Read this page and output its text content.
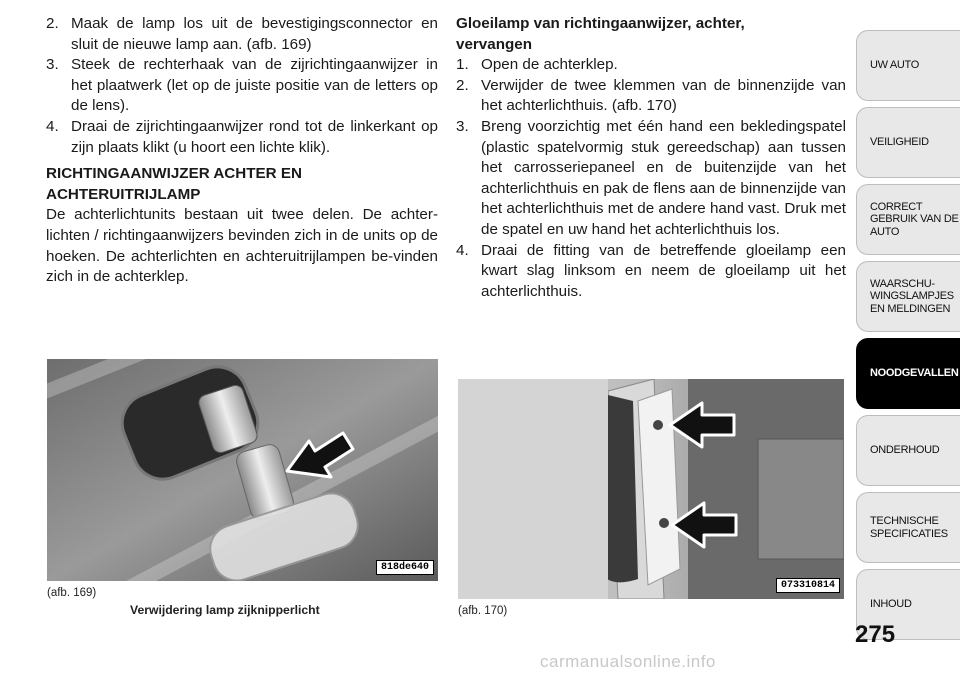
2. Maak de lamp los uit de bevestigingsconnector en sluit de nieuwe lamp aan. (afb. 169)
3. Steek de rechterhaak van de zijrichtingaanwijzer in het plaatwerk (let op de juiste positie van de letters op de lens).
4. Draai de zijrichtingaanwijzer rond tot de linkerkant op zijn plaats klikt (u hoort een lichte klik).
RICHTINGAANWIJZER ACHTER EN
ACHTERUITRIJLAMP
De achterlichtunits bestaan uit twee delen. De achter-lichten / richtingaanwijzers bevinden zich in de units op de hoeken. De achterlichten en achteruitrijlampen be-vinden zich in de achterklep.
Gloeilamp van richtingaanwijzer, achter,
vervangen
1. Open de achterklep.
2. Verwijder de twee klemmen van de binnenzijde van het achterlichthuis. (afb. 170)
3. Breng voorzichtig met één hand een bekledingspatel (plastic spatelvormig stuk gereedschap) aan tussen het carrosseriepaneel en de buitenzijde van het achterlichthuis en pak de flens aan de binnenzijde van het achterlichthuis met de andere hand vast. Druk met de spatel en uw hand het achterlichthuis los.
4. Draai de fitting van de betreffende gloeilamp een kwart slag linksom en neem de gloeilamp uit het achterlichthuis.
818de640
(afb. 169)
Verwijdering lamp zijknipperlicht
073310814
(afb. 170)
UW AUTO
VEILIGHEID
CORRECT GEBRUIK VAN DE AUTO
WAARSCHU-WINGSLAMPJES EN MELDINGEN
NOODGEVALLEN
ONDERHOUD
TECHNISCHE SPECIFICATIES
INHOUD
275
carmanualsonline.info
